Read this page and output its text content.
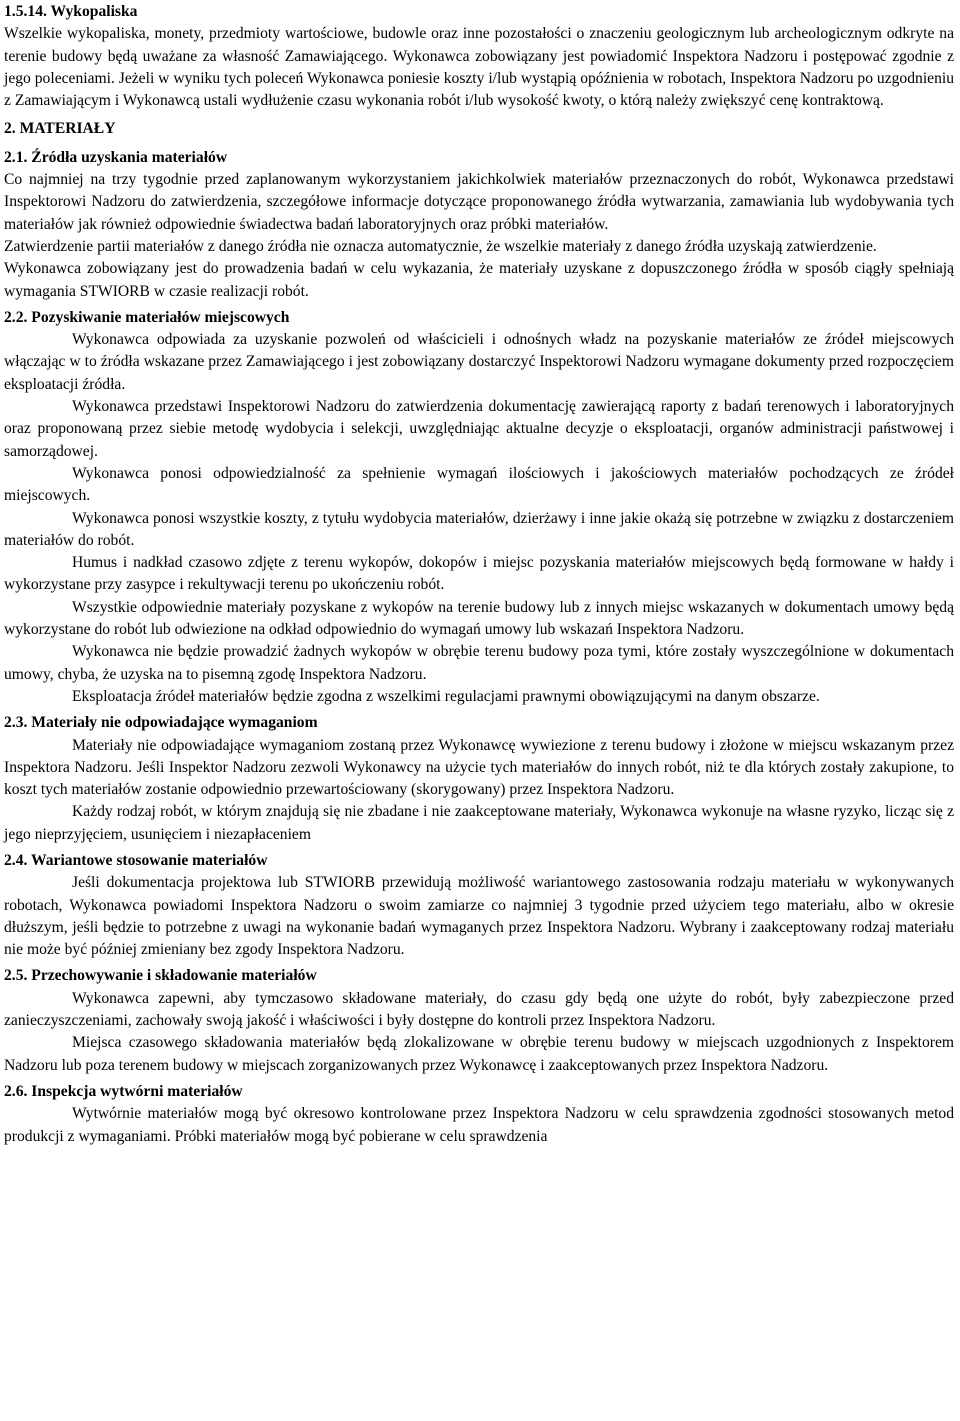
1.5.14. Wykopaliska

Wszelkie wykopaliska, monety, przedmioty wartościowe, budowle oraz inne pozostałości o znaczeniu geologicznym lub archeologicznym odkryte na terenie budowy będą uważane za własność Zamawiającego. Wykonawca zobowiązany jest powiadomić Inspektora Nadzoru i postępować zgodnie z jego poleceniami. Jeżeli w wyniku tych poleceń Wykonawca poniesie koszty i/lub wystąpią opóźnienia w robotach, Inspektora Nadzoru po uzgodnieniu z Zamawiającym i Wykonawcą ustali wydłużenie czasu wykonania robót i/lub wysokość kwoty, o którą należy zwiększyć cenę kontraktową.

2. MATERIAŁY
2.1. Źródła uzyskania materiałów

Co najmniej na trzy tygodnie przed zaplanowanym wykorzystaniem jakichkolwiek materiałów przeznaczonych do robót, Wykonawca przedstawi Inspektorowi Nadzoru do zatwierdzenia, szczegółowe informacje dotyczące proponowanego źródła wytwarzania, zamawiania lub wydobywania tych materiałów jak również odpowiednie świadectwa badań laboratoryjnych oraz próbki materiałów.

Zatwierdzenie partii materiałów z danego źródła nie oznacza automatycznie, że wszelkie materiały z danego źródła uzyskają zatwierdzenie.

Wykonawca zobowiązany jest do prowadzenia badań w celu wykazania, że materiały uzyskane z dopuszczonego źródła w sposób ciągły spełniają wymagania STWIORB w czasie realizacji robót.

2.2. Pozyskiwanie materiałów miejscowych

Wykonawca odpowiada za uzyskanie pozwoleń od właścicieli i odnośnych władz na pozyskanie materiałów ze źródeł miejscowych włączając w to źródła wskazane przez Zamawiającego i jest zobowiązany dostarczyć Inspektorowi Nadzoru wymagane dokumenty przed rozpoczęciem eksploatacji źródła.

Wykonawca przedstawi Inspektorowi Nadzoru do zatwierdzenia dokumentację zawierającą raporty z badań terenowych i laboratoryjnych oraz proponowaną przez siebie metodę wydobycia i selekcji, uwzględniając aktualne decyzje o eksploatacji, organów administracji państwowej i samorządowej.

Wykonawca ponosi odpowiedzialność za spełnienie wymagań ilościowych i jakościowych materiałów pochodzących ze źródeł miejscowych.

Wykonawca ponosi wszystkie koszty, z tytułu wydobycia materiałów, dzierżawy i inne jakie okażą się potrzebne w związku z dostarczeniem materiałów do robót.

Humus i nadkład czasowo zdjęte z terenu wykopów, dokopów i miejsc pozyskania materiałów miejscowych będą formowane w hałdy i wykorzystane przy zasypce i rekultywacji terenu po ukończeniu robót.

Wszystkie odpowiednie materiały pozyskane z wykopów na terenie budowy lub z innych miejsc wskazanych w dokumentach umowy będą wykorzystane do robót lub odwiezione na odkład odpowiednio do wymagań umowy lub wskazań Inspektora Nadzoru.

Wykonawca nie będzie prowadzić żadnych wykopów w obrębie terenu budowy poza tymi, które zostały wyszczególnione w dokumentach umowy, chyba, że uzyska na to pisemną zgodę Inspektora Nadzoru.

Eksploatacja źródeł materiałów będzie zgodna z wszelkimi regulacjami prawnymi obowiązującymi na danym obszarze.

2.3. Materiały nie odpowiadające wymaganiom

Materiały nie odpowiadające wymaganiom zostaną przez Wykonawcę wywiezione z terenu budowy i złożone w miejscu wskazanym przez Inspektora Nadzoru. Jeśli Inspektor Nadzoru zezwoli Wykonawcy na użycie tych materiałów do innych robót, niż te dla których zostały zakupione, to koszt tych materiałów zostanie odpowiednio przewartościowany (skorygowany) przez Inspektora Nadzoru.

Każdy rodzaj robót, w którym znajdują się nie zbadane i nie zaakceptowane materiały, Wykonawca wykonuje na własne ryzyko, licząc się z jego nieprzyjęciem, usunięciem i niezapłaceniem

2.4. Wariantowe stosowanie materiałów

Jeśli dokumentacja projektowa lub STWIORB przewidują możliwość wariantowego zastosowania rodzaju materiału w wykonywanych robotach, Wykonawca powiadomi Inspektora Nadzoru o swoim zamiarze co najmniej 3 tygodnie przed użyciem tego materiału, albo w okresie dłuższym, jeśli będzie to potrzebne z uwagi na wykonanie badań wymaganych przez Inspektora Nadzoru. Wybrany i zaakceptowany rodzaj materiału nie może być później zmieniany bez zgody Inspektora Nadzoru.

2.5. Przechowywanie i składowanie materiałów

Wykonawca zapewni, aby tymczasowo składowane materiały, do czasu gdy będą one użyte do robót, były zabezpieczone przed zanieczyszczeniami, zachowały swoją jakość i właściwości i były dostępne do kontroli przez Inspektora Nadzoru.

Miejsca czasowego składowania materiałów będą zlokalizowane w obrębie terenu budowy w miejscach uzgodnionych z Inspektorem Nadzoru lub poza terenem budowy w miejscach zorganizowanych przez Wykonawcę i zaakceptowanych przez Inspektora Nadzoru.

2.6. Inspekcja wytwórni materiałów

Wytwórnie materiałów mogą być okresowo kontrolowane przez Inspektora Nadzoru w celu sprawdzenia zgodności stosowanych metod produkcji z wymaganiami. Próbki materiałów mogą być pobierane w celu sprawdzenia
